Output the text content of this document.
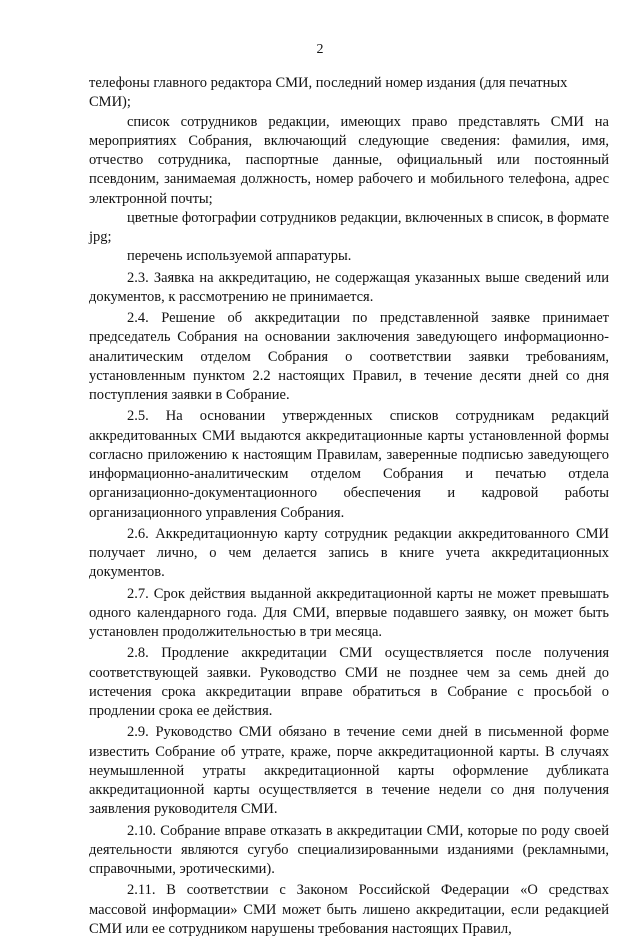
2

телефоны главного редактора СМИ, последний номер издания (для печатных
СМИ);

список сотрудников редакции, имеющих право представлять СМИ на мероприятиях Собрания, включающий следующие сведения: фамилия, имя, отчество сотрудника, паспортные данные, официальный или постоянный псевдоним, занимаемая должность, номер рабочего и мобильного телефона, адрес электронной почты;

цветные фотографии сотрудников редакции, включенных в список, в формате jpg;

перечень используемой аппаратуры.

2.3. Заявка на аккредитацию, не содержащая указанных выше сведений или документов, к рассмотрению не принимается.

2.4. Решение об аккредитации по представленной заявке принимает председатель Собрания на основании заключения заведующего информационно-аналитическим отделом Собрания о соответствии заявки требованиям, установленным пунктом 2.2 настоящих Правил, в течение десяти дней со дня поступления заявки в Собрание.

2.5. На основании утвержденных списков сотрудникам редакций аккредитованных СМИ выдаются аккредитационные карты установленной формы согласно приложению к настоящим Правилам, заверенные подписью заведующего информационно-аналитическим отделом Собрания и печатью отдела организационно-документационного обеспечения и кадровой работы организационного управления Собрания.

2.6. Аккредитационную карту сотрудник редакции аккредитованного СМИ получает лично, о чем делается запись в книге учета аккредитационных документов.

2.7. Срок действия выданной аккредитационной карты не может превышать одного календарного года. Для СМИ, впервые подавшего заявку, он может быть установлен продолжительностью в три месяца.

2.8. Продление аккредитации СМИ осуществляется после получения соответствующей заявки. Руководство СМИ не позднее чем за семь дней до истечения срока аккредитации вправе обратиться в Собрание с просьбой о продлении срока ее действия.

2.9. Руководство СМИ обязано в течение семи дней в письменной форме известить Собрание об утрате, краже, порче аккредитационной карты. В случаях неумышленной утраты аккредитационной карты оформление дубликата аккредитационной карты осуществляется в течение недели со дня получения заявления руководителя СМИ.

2.10. Собрание вправе отказать в аккредитации СМИ, которые по роду своей деятельности являются сугубо специализированными изданиями (рекламными, справочными, эротическими).

2.11. В соответствии с Законом Российской Федерации «О средствах массовой информации» СМИ может быть лишено аккредитации, если редакцией СМИ или ее сотрудником нарушены требования настоящих Правил,
